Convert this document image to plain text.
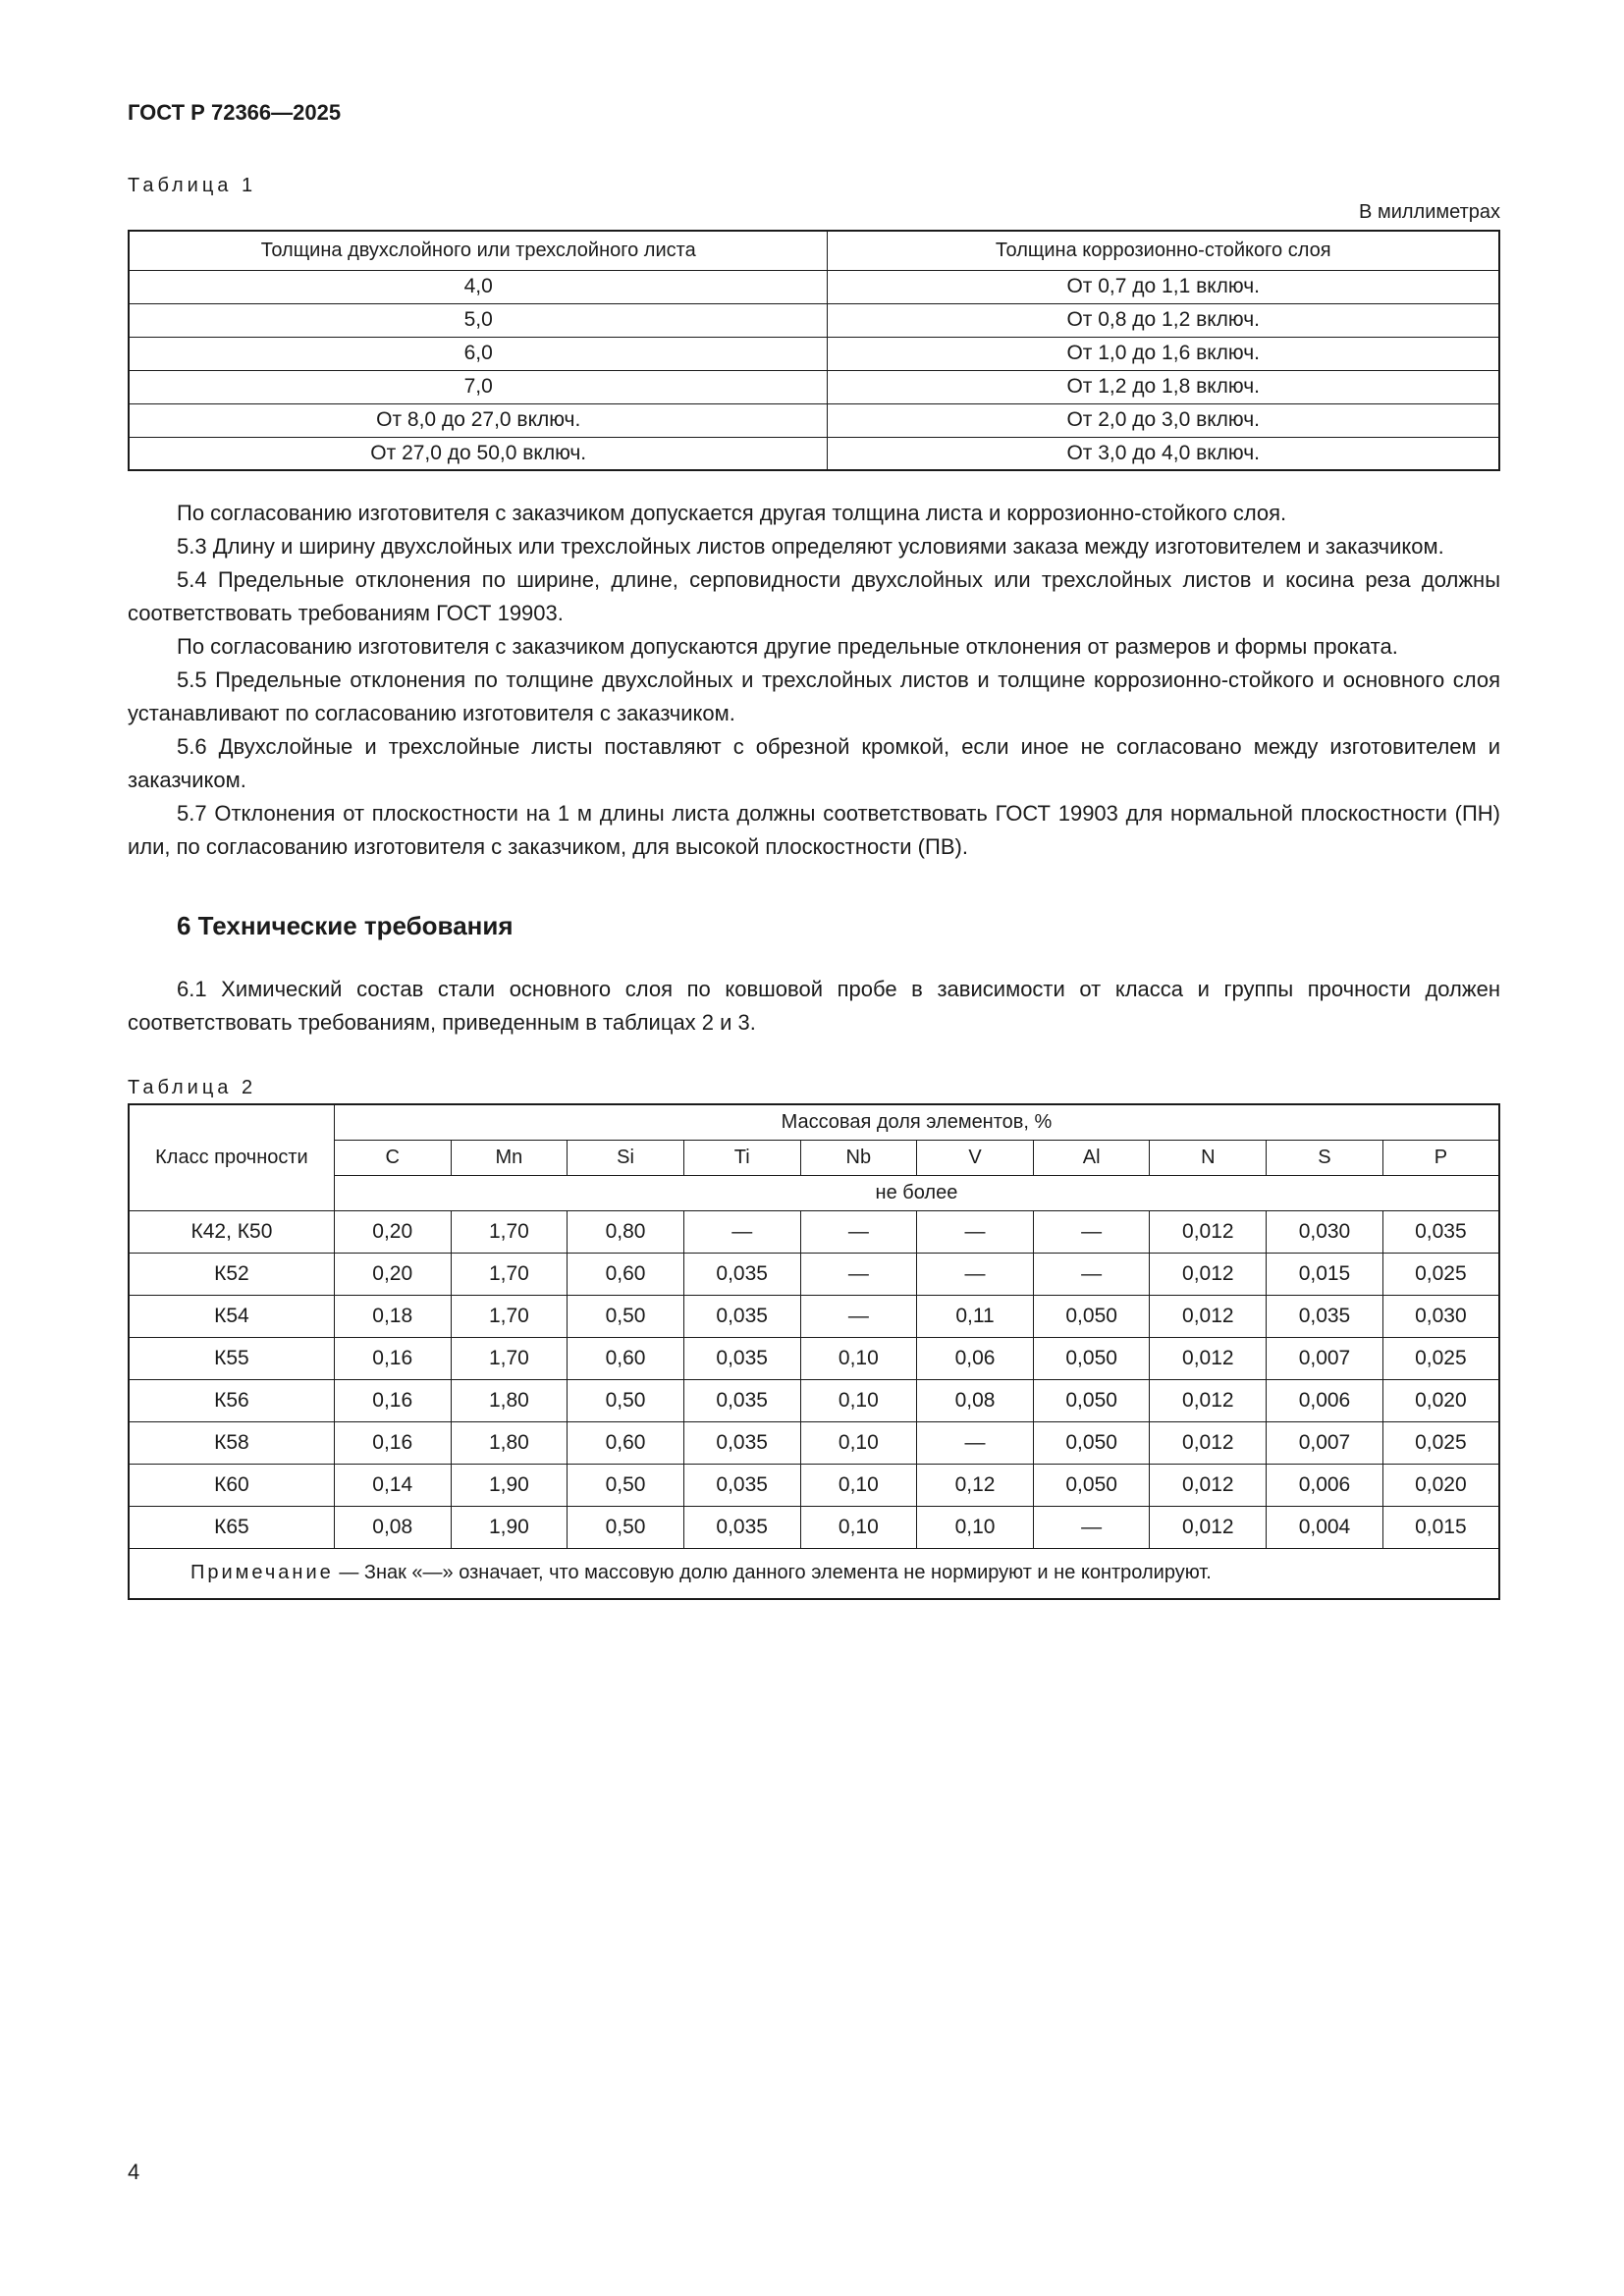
ГОСТ Р 72366—2025
Таблица 1
В миллиметрах
Толщина двухслойного или трехслойного листа	Толщина коррозионно-стойкого слоя
4,0	От 0,7 до 1,1 включ.
5,0	От 0,8 до 1,2 включ.
6,0	От 1,0 до 1,6 включ.
7,0	От 1,2 до 1,8 включ.
От 8,0 до 27,0 включ.	От 2,0 до 3,0 включ.
От 27,0 до 50,0 включ.	От 3,0 до 4,0 включ.

По согласованию изготовителя с заказчиком допускается другая толщина листа и коррозионно-стойкого слоя.

5.3 Длину и ширину двухслойных или трехслойных листов определяют условиями заказа между изготовителем и заказчиком.

5.4 Предельные отклонения по ширине, длине, серповидности двухслойных или трехслойных листов и косина реза должны соответствовать требованиям ГОСТ 19903.

По согласованию изготовителя с заказчиком допускаются другие предельные отклонения от размеров и формы проката.

5.5 Предельные отклонения по толщине двухслойных и трехслойных листов и толщине коррозионно-стойкого и основного слоя устанавливают по согласованию изготовителя с заказчиком.

5.6 Двухслойные и трехслойные листы поставляют с обрезной кромкой, если иное не согласовано между изготовителем и заказчиком.

5.7 Отклонения от плоскостности на 1 м длины листа должны соответствовать ГОСТ 19903 для нормальной плоскостности (ПН) или, по согласованию изготовителя с заказчиком, для высокой плоскостности (ПВ).

6 Технические требования

6.1 Химический состав стали основного слоя по ковшовой пробе в зависимости от класса и группы прочности должен соответствовать требованиям, приведенным в таблицах 2 и 3.

Таблица 2
Класс прочности	Массовая доля элементов, %									
	C	Mn	Si	Ti	Nb	V	Al	N	S	P
	не более									
К42, К50	0,20	1,70	0,80	—	—	—	—	0,012	0,030	0,035
К52	0,20	1,70	0,60	0,035	—	—	—	0,012	0,015	0,025
К54	0,18	1,70	0,50	0,035	—	0,11	0,050	0,012	0,035	0,030
К55	0,16	1,70	0,60	0,035	0,10	0,06	0,050	0,012	0,007	0,025
К56	0,16	1,80	0,50	0,035	0,10	0,08	0,050	0,012	0,006	0,020
К58	0,16	1,80	0,60	0,035	0,10	—	0,050	0,012	0,007	0,025
К60	0,14	1,90	0,50	0,035	0,10	0,12	0,050	0,012	0,006	0,020
К65	0,08	1,90	0,50	0,035	0,10	0,10	—	0,012	0,004	0,015
Примечание — Знак «—» означает, что массовую долю данного элемента не нормируют и не контролируют.										
4
